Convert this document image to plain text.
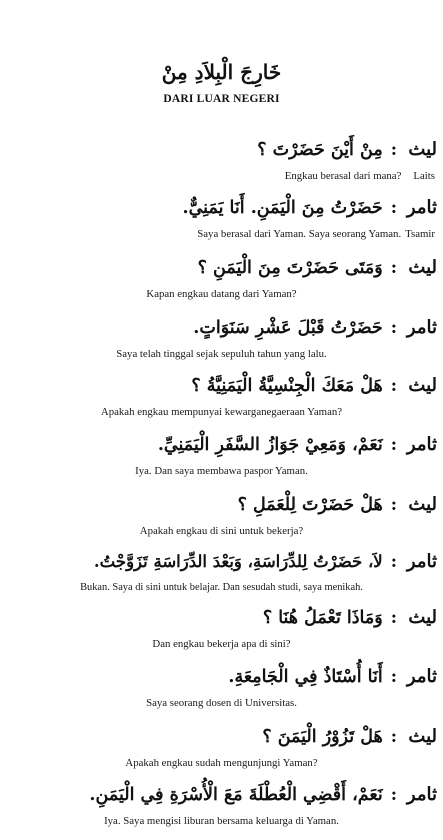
خَارِجَ الْبِلاَدِ مِنْ
DARI LUAR NEGERI
ليث:مِنْ أَيْنَ حَضَرْتَ ؟
Engkau berasal dari mana? Laits
ثامر:حَضَرْتُ مِنَ الْيَمَنِ. أَنَا يَمَنِيٌّ.
Saya berasal dari Yaman. Saya seorang Yaman. Tsamir
ليث:وَمَتَى حَضَرْتَ مِنَ الْيَمَنِ ؟
Kapan engkau datang dari Yaman?
ثامر:حَضَرْتُ قَبْلَ عَشْرِ سَنَوَاتٍ.
Saya telah tinggal sejak sepuluh tahun yang lalu.
ليث:هَلْ مَعَكَ الْجِنْسِيَّةُ الْيَمَنِيَّةُ ؟
Apakah engkau mempunyai kewarganegaeraan Yaman?
ثامر:نَعَمْ، وَمَعِيْ جَوَازُ السَّفَرِ الْيَمَنِيِّ.
Iya. Dan saya membawa paspor Yaman.
ليث:هَلْ حَضَرْتَ لِلْعَمَلِ ؟
Apakah engkau di sini untuk bekerja?
ثامر:لاَ، حَضَرْتُ لِلدِّرَاسَةِ، وَبَعْدَ الدِّرَاسَةِ تَزَوَّجْتُ.
Bukan. Saya di sini untuk belajar. Dan sesudah studi, saya menikah.
ليث:وَمَاذَا تَعْمَلُ هُنَا ؟
Dan engkau bekerja apa di sini?
ثامر:أَنَا أُسْتَاذٌ فِي الْجَامِعَةِ.
Saya seorang dosen di Universitas.
ليث:هَلْ تَزُوْرُ الْيَمَنَ ؟
Apakah engkau sudah mengunjungi Yaman?
ثامر:نَعَمْ، أَقْضِي الْعُطْلَةَ مَعَ الْأُسْرَةِ فِي الْيَمَنِ.
Iya. Saya mengisi liburan bersama keluarga di Yaman.
